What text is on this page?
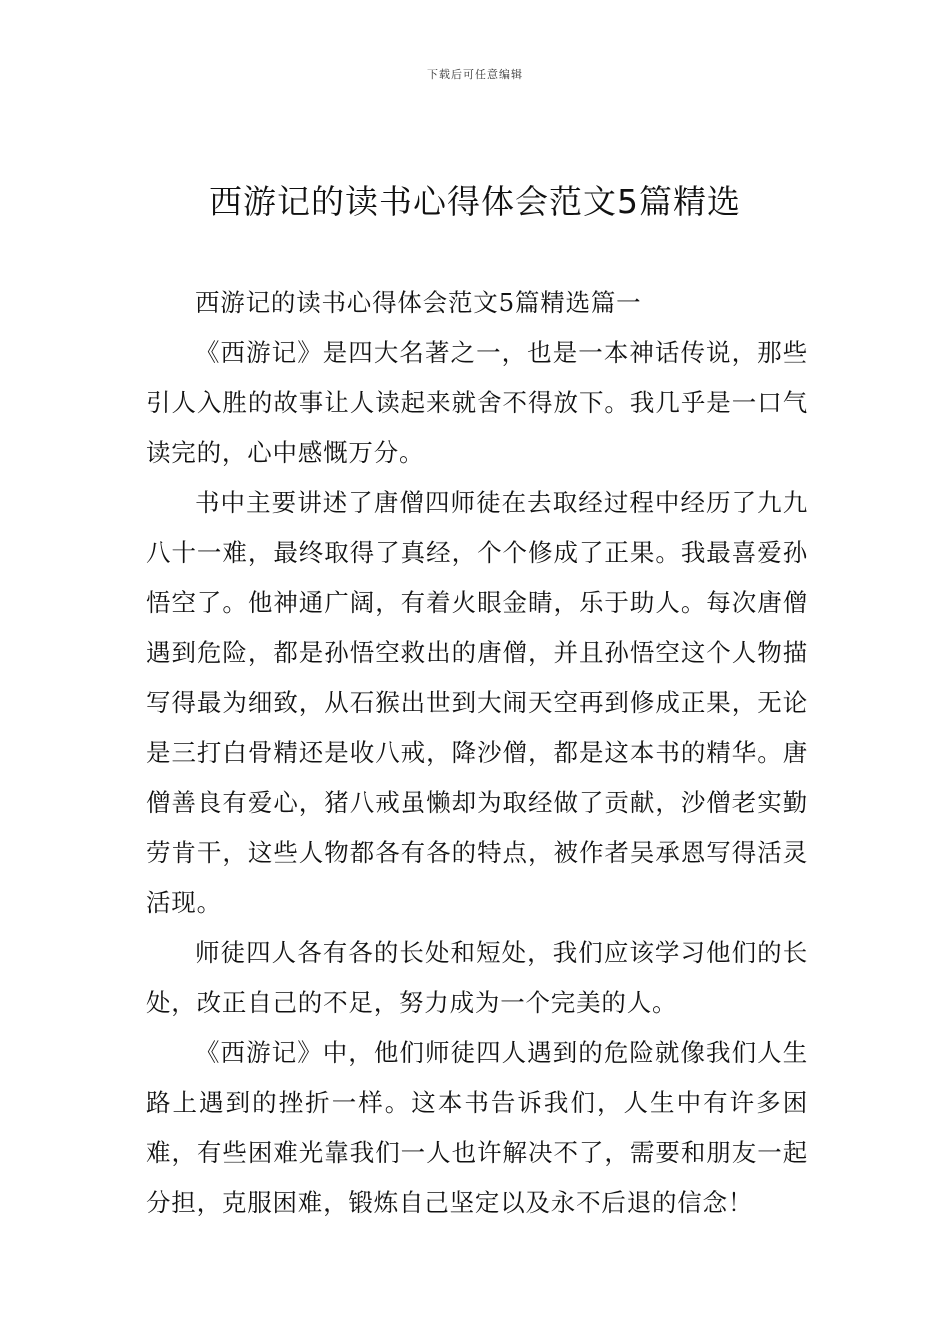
下载后可任意编辑
西游记的读书心得体会范文5篇精选

西游记的读书心得体会范文5篇精选篇一

《西游记》是四大名著之一，也是一本神话传说，那些引人入胜的故事让人读起来就舍不得放下。我几乎是一口气读完的，心中感慨万分。

书中主要讲述了唐僧四师徒在去取经过程中经历了九九八十一难，最终取得了真经，个个修成了正果。我最喜爱孙悟空了。他神通广阔，有着火眼金睛，乐于助人。每次唐僧遇到危险，都是孙悟空救出的唐僧，并且孙悟空这个人物描写得最为细致，从石猴出世到大闹天空再到修成正果，无论是三打白骨精还是收八戒，降沙僧，都是这本书的精华。唐僧善良有爱心，猪八戒虽懒却为取经做了贡献，沙僧老实勤劳肯干，这些人物都各有各的特点，被作者吴承恩写得活灵活现。

师徒四人各有各的长处和短处，我们应该学习他们的长处，改正自己的不足，努力成为一个完美的人。

《西游记》中，他们师徒四人遇到的危险就像我们人生路上遇到的挫折一样。这本书告诉我们，人生中有许多困难，有些困难光靠我们一人也许解决不了，需要和朋友一起分担，克服困难，锻炼自己坚定以及永不后退的信念！
